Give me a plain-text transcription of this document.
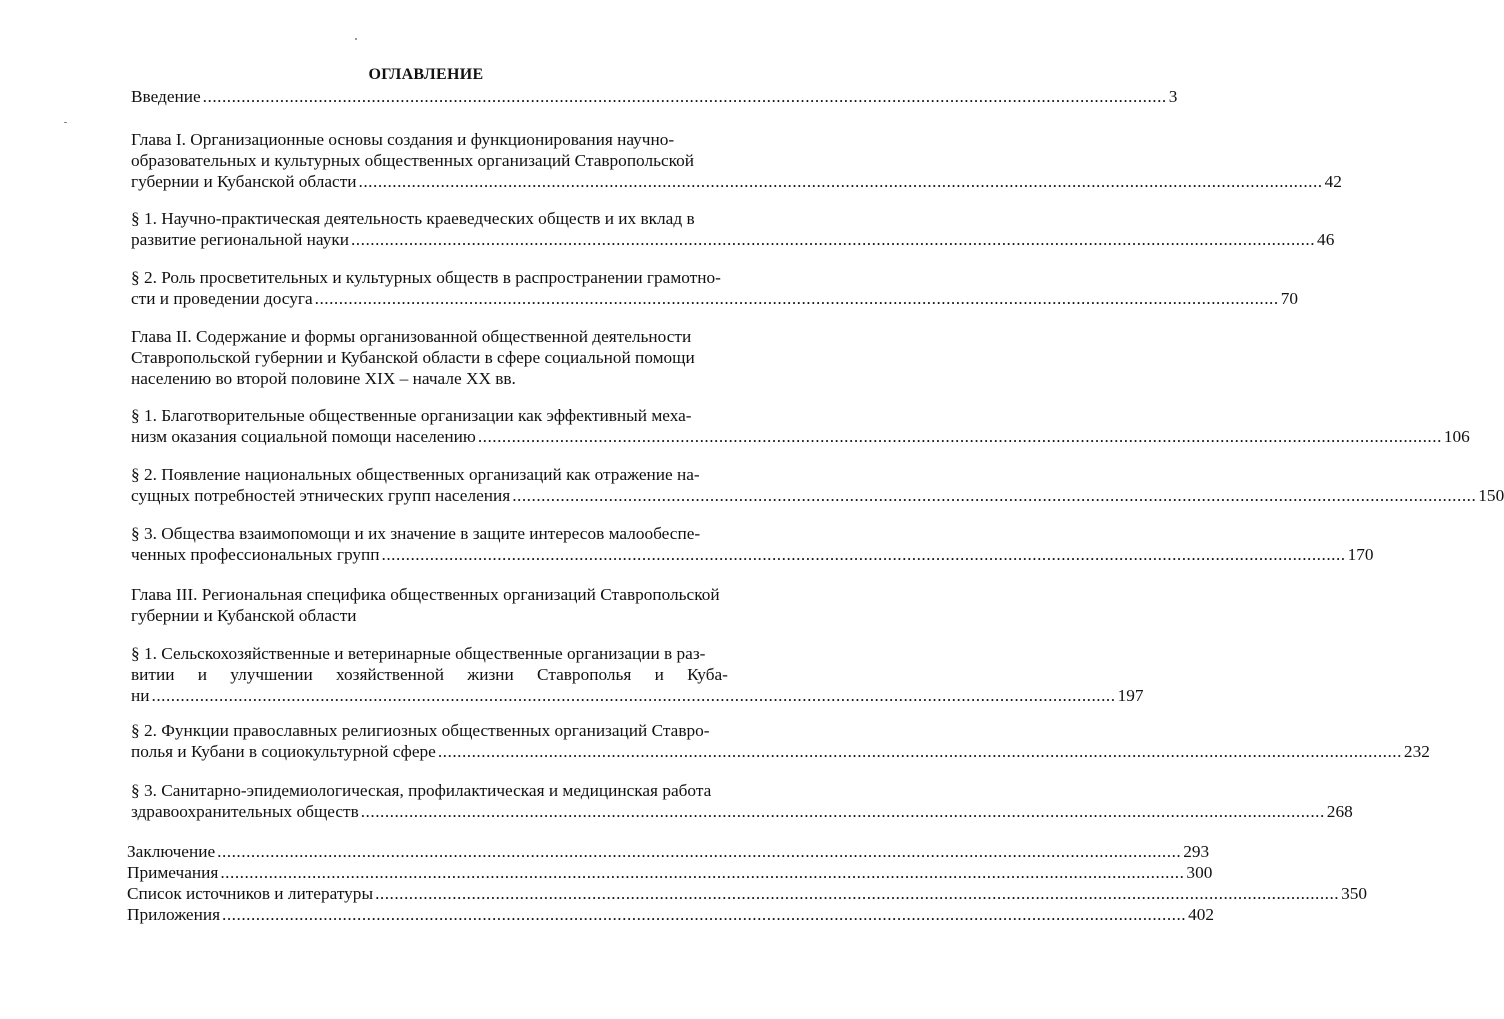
ОГЛАВЛЕНИЕ
Введение ........................................................................................................................................................................................................ 3
Глава I. Организационные основы создания и функционирования научно-
образовательных и культурных общественных организаций Ставропольской
губернии и Кубанской области ........................................................................................................................................................................................................ 42
§ 1. Научно-практическая деятельность краеведческих обществ и их вклад в
развитие региональной науки ........................................................................................................................................................................................................ 46
§ 2. Роль просветительных и культурных обществ в распространении грамотно-
сти и проведении досуга ........................................................................................................................................................................................................ 70
Глава II. Содержание и формы организованной общественной деятельности
Ставропольской губернии и Кубанской области в сфере социальной помощи
населению во второй половине XIX – начале XX вв.
§ 1. Благотворительные общественные организации как эффективный меха-
низм оказания социальной помощи населению ........................................................................................................................................................................................................ 106
§ 2. Появление национальных общественных организаций как отражение на-
сущных потребностей этнических групп населения ........................................................................................................................................................................................................ 150
§ 3. Общества взаимопомощи и их значение в защите интересов малообеспе-
ченных профессиональных групп ........................................................................................................................................................................................................ 170
Глава III. Региональная специфика общественных организаций Ставропольской
губернии и Кубанской области
§ 1. Сельскохозяйственные и ветеринарные общественные организации в раз-
витии и улучшении хозяйственной жизни Ставрополья и Куба-
ни ........................................................................................................................................................................................................ 197
§ 2. Функции православных религиозных общественных организаций Ставро-
полья и Кубани в социокультурной сфере ........................................................................................................................................................................................................ 232
§ 3. Санитарно-эпидемиологическая, профилактическая и медицинская работа
здравоохранительных обществ ........................................................................................................................................................................................................ 268
Заключение ........................................................................................................................................................................................................ 293
Примечания ........................................................................................................................................................................................................ 300
Список источников и литературы ........................................................................................................................................................................................................ 350
Приложения ........................................................................................................................................................................................................ 402
